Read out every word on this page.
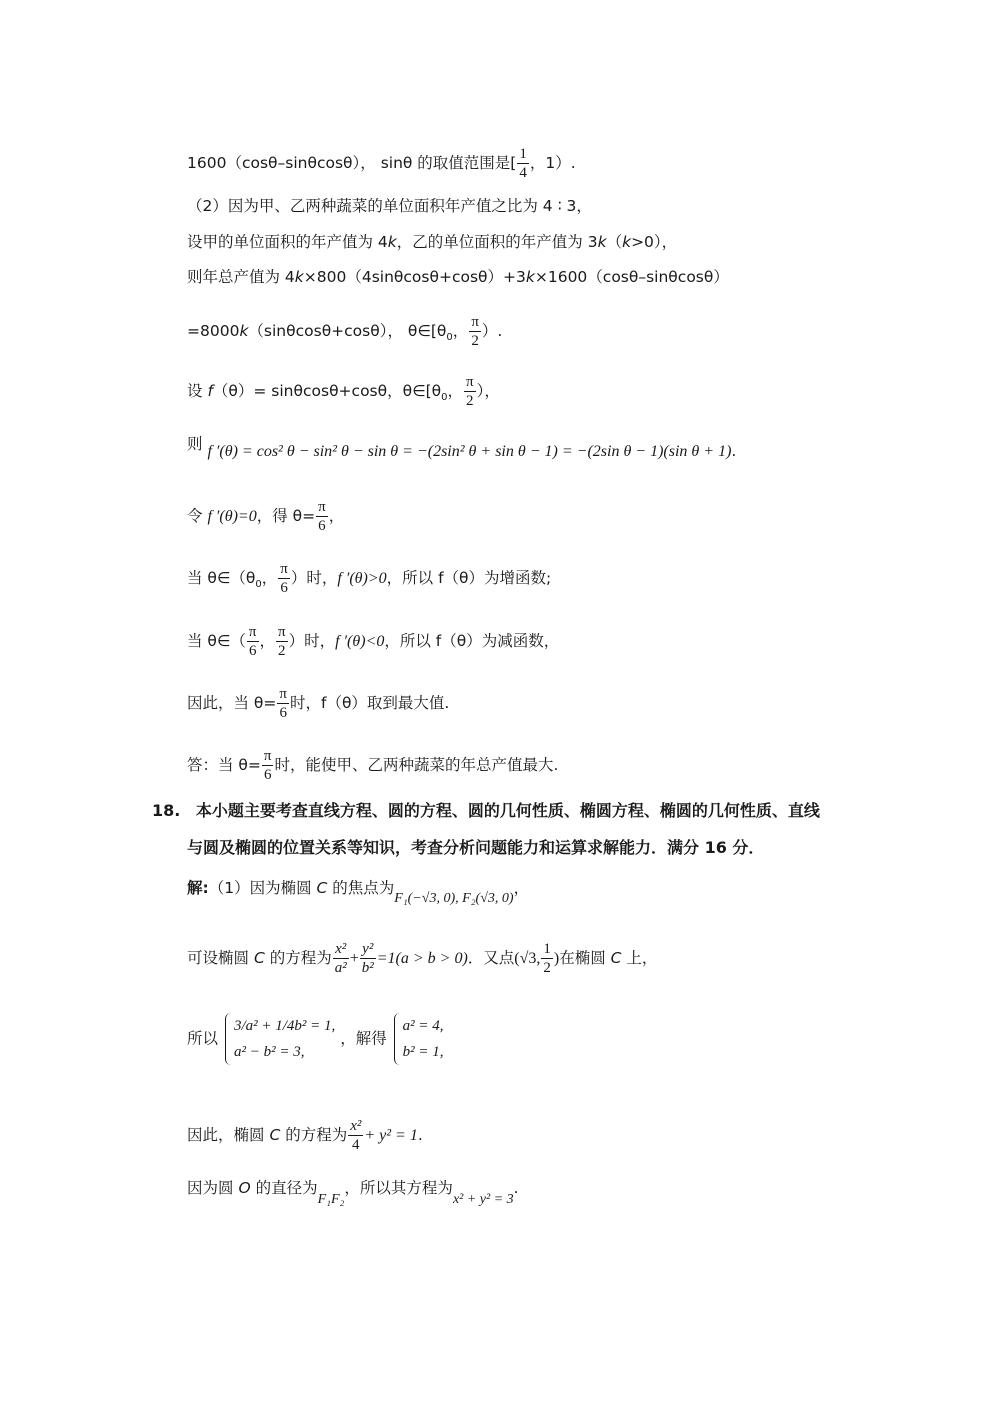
1600（cosθ–sinθcosθ）， sinθ 的取值范围是[ $\frac{1}{4}$ ，1）.
（2）因为甲、乙两种蔬菜的单位面积年产值之比为 4 ∶ 3，
设甲的单位面积的年产值为 4k，乙的单位面积的年产值为 3k（k>0），
则年总产值为 4k×800（4sinθcosθ+cosθ）+3k×1600（cosθ–sinθcosθ）
=8000k（sinθcosθ+cosθ）， $\theta\in[\theta_0$， $\frac{\pi}{2}$ ）.
设 f（θ）= sinθcosθ+cosθ，$\theta\in[\theta_0$， $\frac{\pi}{2}$ ），
则 f ′(θ) = cos² θ − sin² θ − sin θ = −(2sin² θ + sin θ − 1) = −(2sin θ − 1)(sin θ + 1).
令 f ′(θ)=0，得 $\theta= \frac{\pi}{6}$ ，
当 $\theta\in(\theta_0$， $\frac{\pi}{6}$ ）时，f ′(θ)>0，所以 f（θ）为增函数;
当 θ∈（ $\frac{\pi}{6}$ ， $\frac{\pi}{2}$ ）时，f ′(θ)<0，所以 f（θ）为减函数，
因此，当 $\theta= \frac{\pi}{6}$ 时，f（θ）取到最大值.
答：当 $\theta= \frac{\pi}{6}$ 时，能使甲、乙两种蔬菜的年总产值最大.
18. 本小题主要考查直线方程、圆的方程、圆的几何性质、椭圆方程、椭圆的几何性质、直线
与圆及椭圆的位置关系等知识，考查分析问题能力和运算求解能力．满分 16 分．
解:（1）因为椭圆 C 的焦点为F₁(−√3, 0), F₂(√3, 0)，
可设椭圆 C 的方程为 $\frac{\text{x²}}{\text{a²}} + \frac{\text{y²}}{\text{b²}} =1(a > b > 0)$．又点(√3, $\frac{1}{2}$ )在椭圆 C 上，
所以
3/a² + 1/4b² = 1,
a² − b² = 3,
，解得
a² = 4,
b² = 1,
因此，椭圆 C 的方程为 $\frac{\text{x²}}{4} + y^2 = 1$.
因为圆 O 的直径为F₁F₂，所以其方程为x² + y² = 3.
